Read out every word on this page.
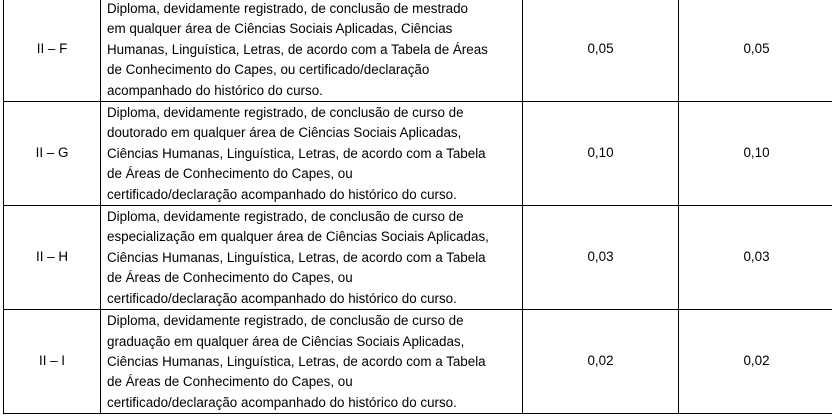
II – F	Diploma, devidamente registrado, de conclusão de mestrado
em qualquer área de Ciências Sociais Aplicadas, Ciências
Humanas, Linguística, Letras, de acordo com a Tabela de Áreas
de Conhecimento do Capes, ou certificado/declaração
acompanhado do histórico do curso.	0,05	0,05
II – G	Diploma, devidamente registrado, de conclusão de curso de
doutorado em qualquer área de Ciências Sociais Aplicadas,
Ciências Humanas, Linguística, Letras, de acordo com a Tabela
de Áreas de Conhecimento do Capes, ou
certificado/declaração acompanhado do histórico do curso.	0,10	0,10
II – H	Diploma, devidamente registrado, de conclusão de curso de
especialização em qualquer área de Ciências Sociais Aplicadas,
Ciências Humanas, Linguística, Letras, de acordo com a Tabela
de Áreas de Conhecimento do Capes, ou
certificado/declaração acompanhado do histórico do curso.	0,03	0,03
II – I	Diploma, devidamente registrado, de conclusão de curso de
graduação em qualquer área de Ciências Sociais Aplicadas,
Ciências Humanas, Linguística, Letras, de acordo com a Tabela
de Áreas de Conhecimento do Capes, ou
certificado/declaração acompanhado do histórico do curso.	0,02	0,02
